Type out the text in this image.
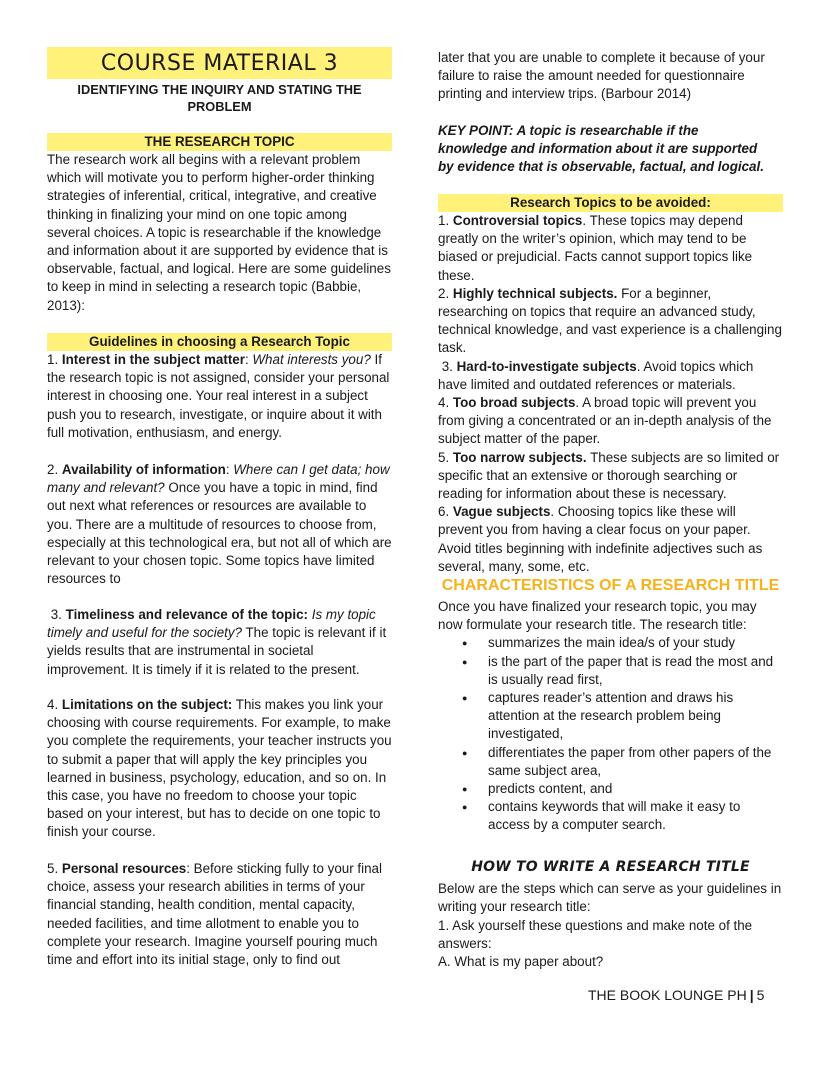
COURSE MATERIAL 3
IDENTIFYING THE INQUIRY AND STATING THE PROBLEM
THE RESEARCH TOPIC

The research work all begins with a relevant problem which will motivate you to perform higher-order thinking strategies of inferential, critical, integrative, and creative thinking in finalizing your mind on one topic among several choices. A topic is researchable if the knowledge and information about it are supported by evidence that is observable, factual, and logical. Here are some guidelines to keep in mind in selecting a research topic (Babbie, 2013):

Guidelines in choosing a Research Topic

1. Interest in the subject matter: What interests you? If the research topic is not assigned, consider your personal interest in choosing one. Your real interest in a subject push you to research, investigate, or inquire about it with full motivation, enthusiasm, and energy.

2. Availability of information: Where can I get data; how many and relevant? Once you have a topic in mind, find out next what references or resources are available to you. There are a multitude of resources to choose from, especially at this technological era, but not all of which are relevant to your chosen topic. Some topics have limited resources to

3. Timeliness and relevance of the topic: Is my topic timely and useful for the society? The topic is relevant if it yields results that are instrumental in societal improvement. It is timely if it is related to the present.

4. Limitations on the subject: This makes you link your choosing with course requirements. For example, to make you complete the requirements, your teacher instructs you to submit a paper that will apply the key principles you learned in business, psychology, education, and so on. In this case, you have no freedom to choose your topic based on your interest, but has to decide on one topic to finish your course.

5. Personal resources: Before sticking fully to your final choice, assess your research abilities in terms of your financial standing, health condition, mental capacity, needed facilities, and time allotment to enable you to complete your research. Imagine yourself pouring much time and effort into its initial stage, only to find out

later that you are unable to complete it because of your failure to raise the amount needed for questionnaire printing and interview trips. (Barbour 2014)

KEY POINT: A topic is researchable if the knowledge and information about it are supported by evidence that is observable, factual, and logical.

Research Topics to be avoided:

1. Controversial topics. These topics may depend greatly on the writer’s opinion, which may tend to be biased or prejudicial. Facts cannot support topics like these.

2. Highly technical subjects. For a beginner, researching on topics that require an advanced study, technical knowledge, and vast experience is a challenging task.

3. Hard-to-investigate subjects. Avoid topics which have limited and outdated references or materials.

4. Too broad subjects. A broad topic will prevent you from giving a concentrated or an in-depth analysis of the subject matter of the paper.

5. Too narrow subjects. These subjects are so limited or specific that an extensive or thorough searching or reading for information about these is necessary.

6. Vague subjects. Choosing topics like these will prevent you from having a clear focus on your paper. Avoid titles beginning with indefinite adjectives such as several, many, some, etc.

CHARACTERISTICS OF A RESEARCH TITLE

Once you have finalized your research topic, you may now formulate your research title. The research title:

● summarizes the main idea/s of your study
● is the part of the paper that is read the most and is usually read first,
● captures reader’s attention and draws his attention at the research problem being investigated,
● differentiates the paper from other papers of the same subject area,
● predicts content, and
● contains keywords that will make it easy to access by a computer search.

HOW TO WRITE A RESEARCH TITLE

Below are the steps which can serve as your guidelines in writing your research title:

1. Ask yourself these questions and make note of the answers:

A. What is my paper about?

THE BOOK LOUNGE PH | 5
